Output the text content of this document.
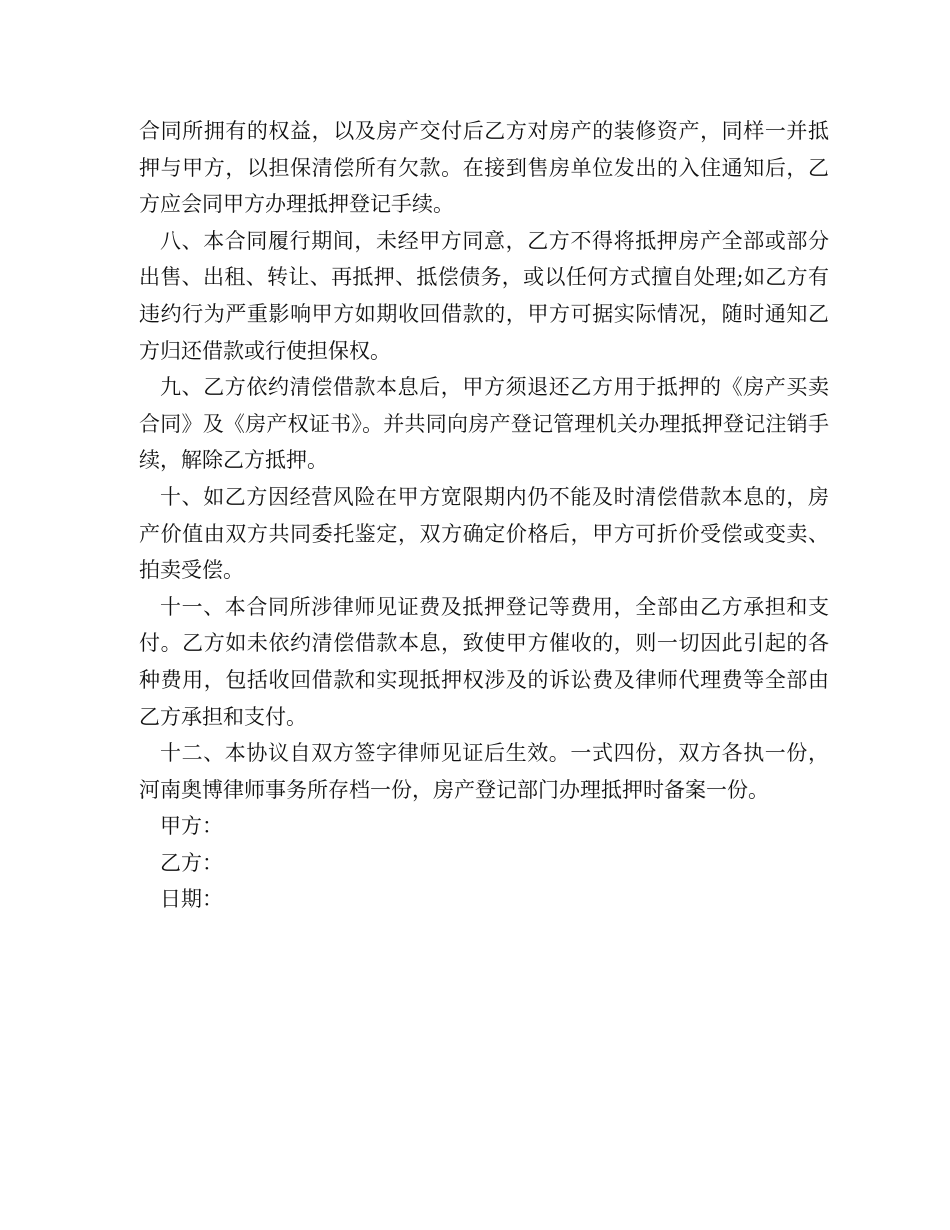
合同所拥有的权益，以及房产交付后乙方对房产的装修资产，同样一并抵押与甲方，以担保清偿所有欠款。在接到售房单位发出的入住通知后，乙方应会同甲方办理抵押登记手续。

八、本合同履行期间，未经甲方同意，乙方不得将抵押房产全部或部分出售、出租、转让、再抵押、抵偿债务，或以任何方式擅自处理;如乙方有违约行为严重影响甲方如期收回借款的，甲方可据实际情况，随时通知乙方归还借款或行使担保权。

九、乙方依约清偿借款本息后，甲方须退还乙方用于抵押的《房产买卖合同》及《房产权证书》。并共同向房产登记管理机关办理抵押登记注销手续，解除乙方抵押。

十、如乙方因经营风险在甲方宽限期内仍不能及时清偿借款本息的，房产价值由双方共同委托鉴定，双方确定价格后，甲方可折价受偿或变卖、拍卖受偿。

十一、本合同所涉律师见证费及抵押登记等费用，全部由乙方承担和支付。乙方如未依约清偿借款本息，致使甲方催收的，则一切因此引起的各种费用，包括收回借款和实现抵押权涉及的诉讼费及律师代理费等全部由乙方承担和支付。

十二、本协议自双方签字律师见证后生效。一式四份，双方各执一份，河南奥博律师事务所存档一份，房产登记部门办理抵押时备案一份。

甲方：

乙方：

日期：
